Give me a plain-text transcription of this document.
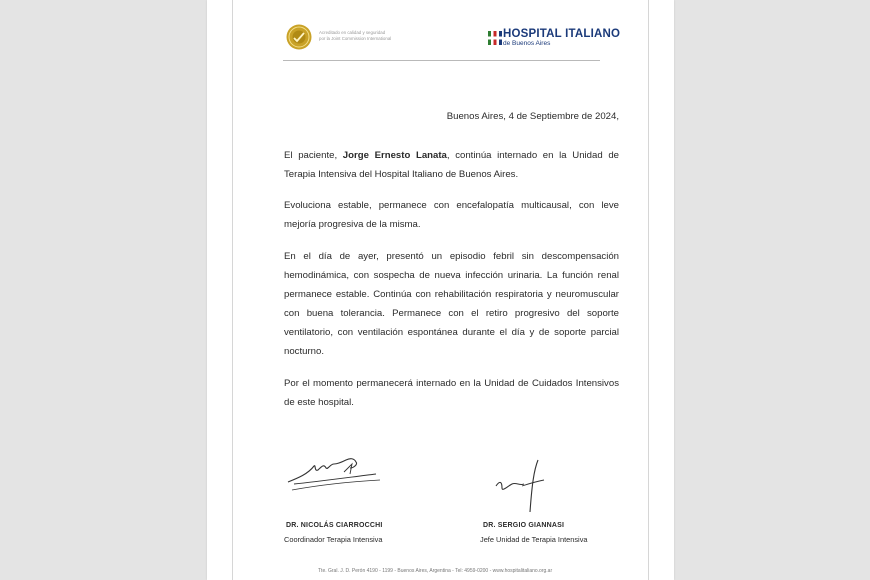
Acreditado en calidad y seguridad
por la Joint Commission International	HOSPITAL ITALIANO
de Buenos Aires
Buenos Aires, 4 de Septiembre de 2024,
El paciente, Jorge Ernesto Lanata, continúa internado en la Unidad de Terapia Intensiva del Hospital Italiano de Buenos Aires.
Evoluciona estable, permanece con encefalopatía multicausal, con leve mejoría progresiva de la misma.
En el día de ayer, presentó un episodio febril sin descompensación hemodinámica, con sospecha de nueva infección urinaria. La función renal permanece estable. Continúa con rehabilitación respiratoria y neuromuscular con buena tolerancia. Permanece con el retiro progresivo del soporte ventilatorio, con ventilación espontánea durante el día y de soporte parcial nocturno.
Por el momento permanecerá internado en la Unidad de Cuidados Intensivos de este hospital.
DR. NICOLÁS CIARROCCHI
Coordinador Terapia Intensiva
DR. SERGIO GIANNASI
Jefe Unidad de Terapia Intensiva
Tte. Gral. J. D. Perón 4190 - 1199 - Buenos Aires, Argentina - Tel: 4959-0200 - www.hospitalitaliano.org.ar
